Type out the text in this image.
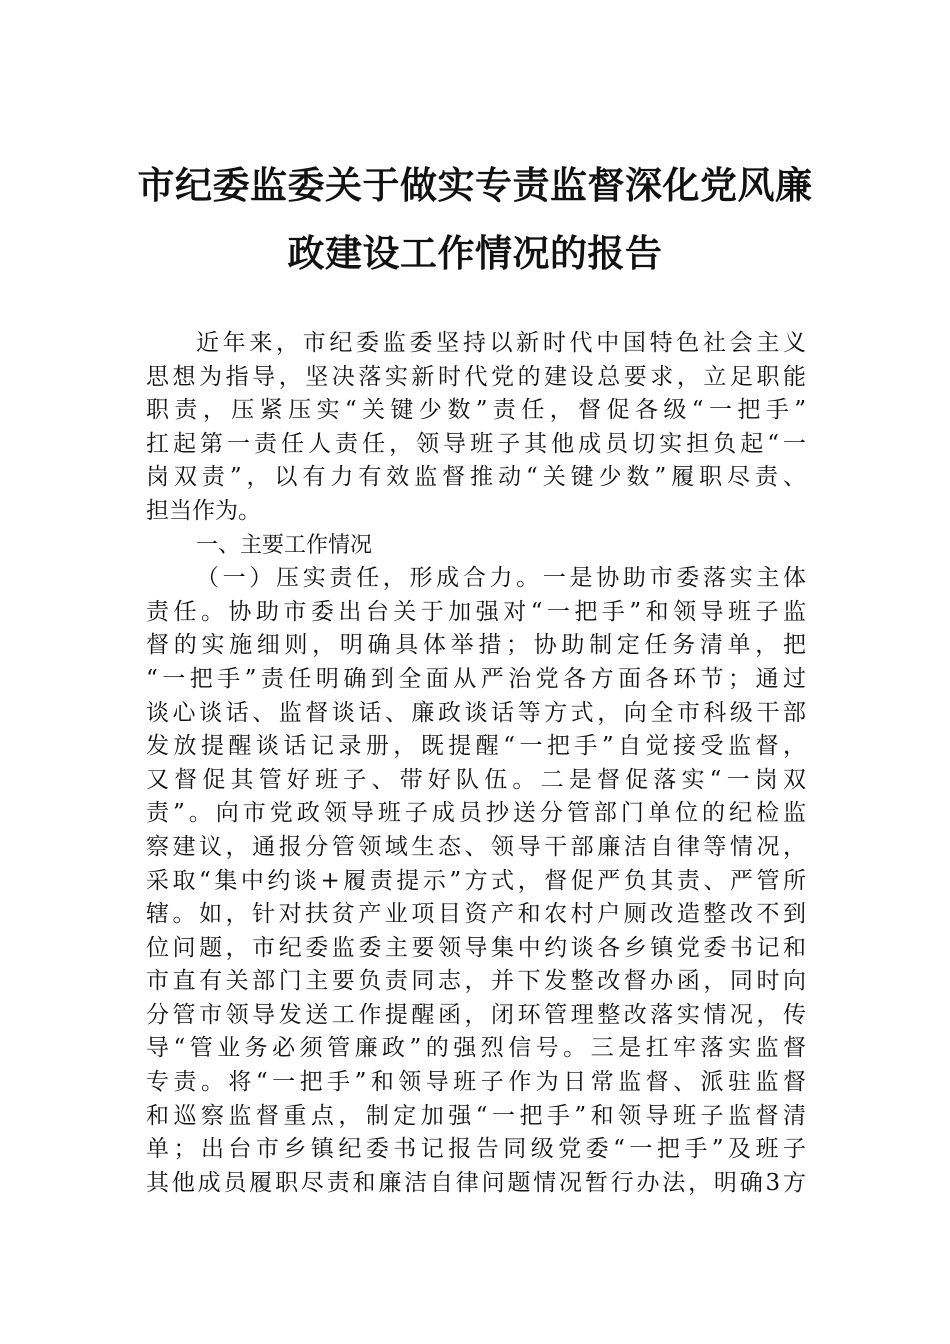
市纪委监委关于做实专责监督深化党风廉
政建设工作情况的报告
近年来，市纪委监委坚持以新时代中国特色社会主义
思想为指导，坚决落实新时代党的建设总要求，立足职能
职责，压紧压实“关键少数”责任，督促各级“一把手”
扛起第一责任人责任，领导班子其他成员切实担负起“一
岗双责”，以有力有效监督推动“关键少数”履职尽责、
担当作为。
一、主要工作情况
（一）压实责任，形成合力。一是协助市委落实主体
责任。协助市委出台关于加强对“一把手”和领导班子监
督的实施细则，明确具体举措；协助制定任务清单，把
“一把手”责任明确到全面从严治党各方面各环节；通过
谈心谈话、监督谈话、廉政谈话等方式，向全市科级干部
发放提醒谈话记录册，既提醒“一把手”自觉接受监督，
又督促其管好班子、带好队伍。二是督促落实“一岗双
责”。向市党政领导班子成员抄送分管部门单位的纪检监
察建议，通报分管领域生态、领导干部廉洁自律等情况，
采取“集中约谈+履责提示”方式，督促严负其责、严管所
辖。如，针对扶贫产业项目资产和农村户厕改造整改不到
位问题，市纪委监委主要领导集中约谈各乡镇党委书记和
市直有关部门主要负责同志，并下发整改督办函，同时向
分管市领导发送工作提醒函，闭环管理整改落实情况，传
导“管业务必须管廉政”的强烈信号。三是扛牢落实监督
专责。将“一把手”和领导班子作为日常监督、派驻监督
和巡察监督重点，制定加强“一把手”和领导班子监督清
单；出台市乡镇纪委书记报告同级党委“一把手”及班子
其他成员履职尽责和廉洁自律问题情况暂行办法，明确3方
